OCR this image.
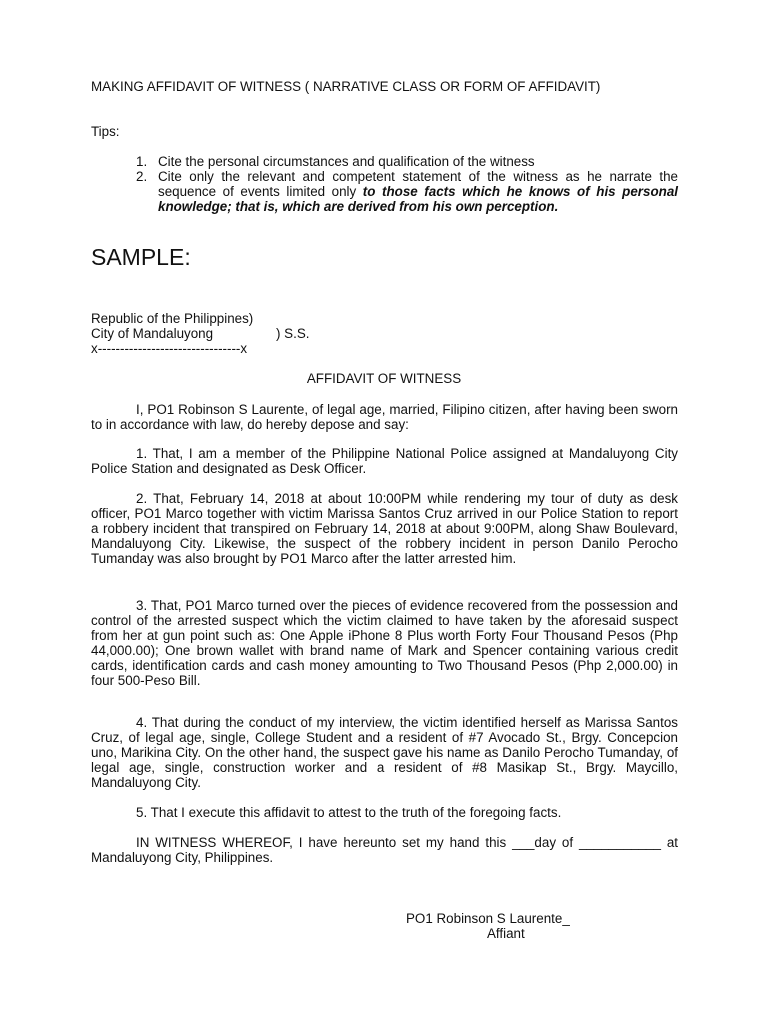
MAKING AFFIDAVIT OF WITNESS ( NARRATIVE CLASS OR FORM OF AFFIDAVIT)
Tips:
1. Cite the personal circumstances and qualification of the witness
2. Cite only the relevant and competent statement of the witness as he narrate the sequence of events limited only to those facts which he knows of his personal knowledge; that is, which are derived from his own perception.
SAMPLE:
Republic of the Philippines)
City of Mandaluyong	) S.S.
x--------------------------------x
AFFIDAVIT OF WITNESS

I, PO1 Robinson S Laurente, of legal age, married, Filipino citizen, after having been sworn to in accordance with law, do hereby depose and say:

1. That, I am a member of the Philippine National Police assigned at Mandaluyong City Police Station and designated as Desk Officer.

2. That, February 14, 2018 at about 10:00PM while rendering my tour of duty as desk officer, PO1 Marco together with victim Marissa Santos Cruz arrived in our Police Station to report a robbery incident that transpired on February 14, 2018 at about 9:00PM, along Shaw Boulevard, Mandaluyong City. Likewise, the suspect of the robbery incident in person Danilo Perocho Tumanday was also brought by PO1 Marco after the latter arrested him.

3. That, PO1 Marco turned over the pieces of evidence recovered from the possession and control of the arrested suspect which the victim claimed to have taken by the aforesaid suspect from her at gun point such as: One Apple iPhone 8 Plus worth Forty Four Thousand Pesos (Php 44,000.00); One brown wallet with brand name of Mark and Spencer containing various credit cards, identification cards and cash money amounting to Two Thousand Pesos (Php 2,000.00) in four 500-Peso Bill.

4. That during the conduct of my interview, the victim identified herself as Marissa Santos Cruz, of legal age, single, College Student and a resident of #7 Avocado St., Brgy. Concepcion uno, Marikina City. On the other hand, the suspect gave his name as Danilo Perocho Tumanday, of legal age, single, construction worker and a resident of #8 Masikap St., Brgy. Maycillo, Mandaluyong City.

5. That I execute this affidavit to attest to the truth of the foregoing facts.

IN WITNESS WHEREOF, I have hereunto set my hand this ___day of ___________ at Mandaluyong City, Philippines.

PO1 Robinson S Laurente_
Affiant
